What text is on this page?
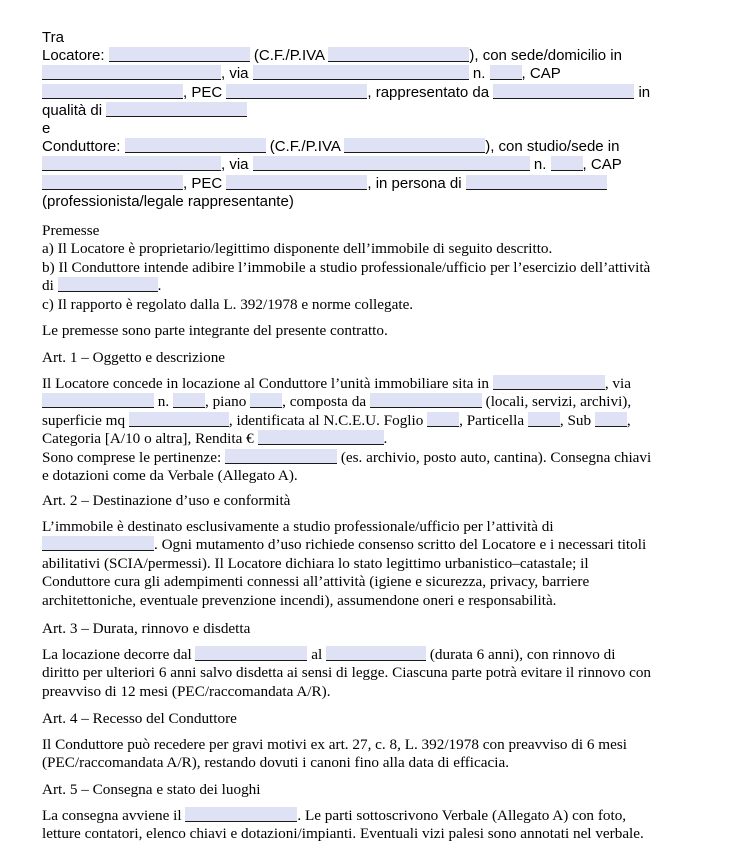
Tra
Locatore:	(C.F./P.IVA	), con sede/domicilio in
, via	n. , CAP
, PEC	, rappresentato da	in
qualità di
e
Conduttore:	(C.F./P.IVA	), con studio/sede in
, via	n. , CAP
, PEC	, in persona di
(professionista/legale rappresentante)
Premesse
a) Il Locatore è proprietario/legittimo disponente dell’immobile di seguito descritto.
b) Il Conduttore intende adibire l’immobile a studio professionale/ufficio per l’esercizio dell’attività
di	.
c) Il rapporto è regolato dalla L. 392/1978 e norme collegate.
Le premesse sono parte integrante del presente contratto.
Art. 1 – Oggetto e descrizione
Il Locatore concede in locazione al Conduttore l’unità immobiliare sita in	, via
n. , piano , composta da	(locali, servizi, archivi),
superficie mq	, identificata al N.C.E.U. Foglio , Particella , Sub ,
Categoria [A/10 o altra], Rendita €	.
Sono comprese le pertinenze:	(es. archivio, posto auto, cantina). Consegna chiavi
e dotazioni come da Verbale (Allegato A).
Art. 2 – Destinazione d’uso e conformità
L’immobile è destinato esclusivamente a studio professionale/ufficio per l’attività di
. Ogni mutamento d’uso richiede consenso scritto del Locatore e i necessari titoli
abilitativi (SCIA/permessi). Il Locatore dichiara lo stato legittimo urbanistico–catastale; il
Conduttore cura gli adempimenti connessi all’attività (igiene e sicurezza, privacy, barriere
architettoniche, eventuale prevenzione incendi), assumendone oneri e responsabilità.
Art. 3 – Durata, rinnovo e disdetta
La locazione decorre dal	al	(durata 6 anni), con rinnovo di
diritto per ulteriori 6 anni salvo disdetta ai sensi di legge. Ciascuna parte potrà evitare il rinnovo con
preavviso di 12 mesi (PEC/raccomandata A/R).
Art. 4 – Recesso del Conduttore
Il Conduttore può recedere per gravi motivi ex art. 27, c. 8, L. 392/1978 con preavviso di 6 mesi
(PEC/raccomandata A/R), restando dovuti i canoni fino alla data di efficacia.
Art. 5 – Consegna e stato dei luoghi
La consegna avviene il	. Le parti sottoscrivono Verbale (Allegato A) con foto,
letture contatori, elenco chiavi e dotazioni/impianti. Eventuali vizi palesi sono annotati nel verbale.
